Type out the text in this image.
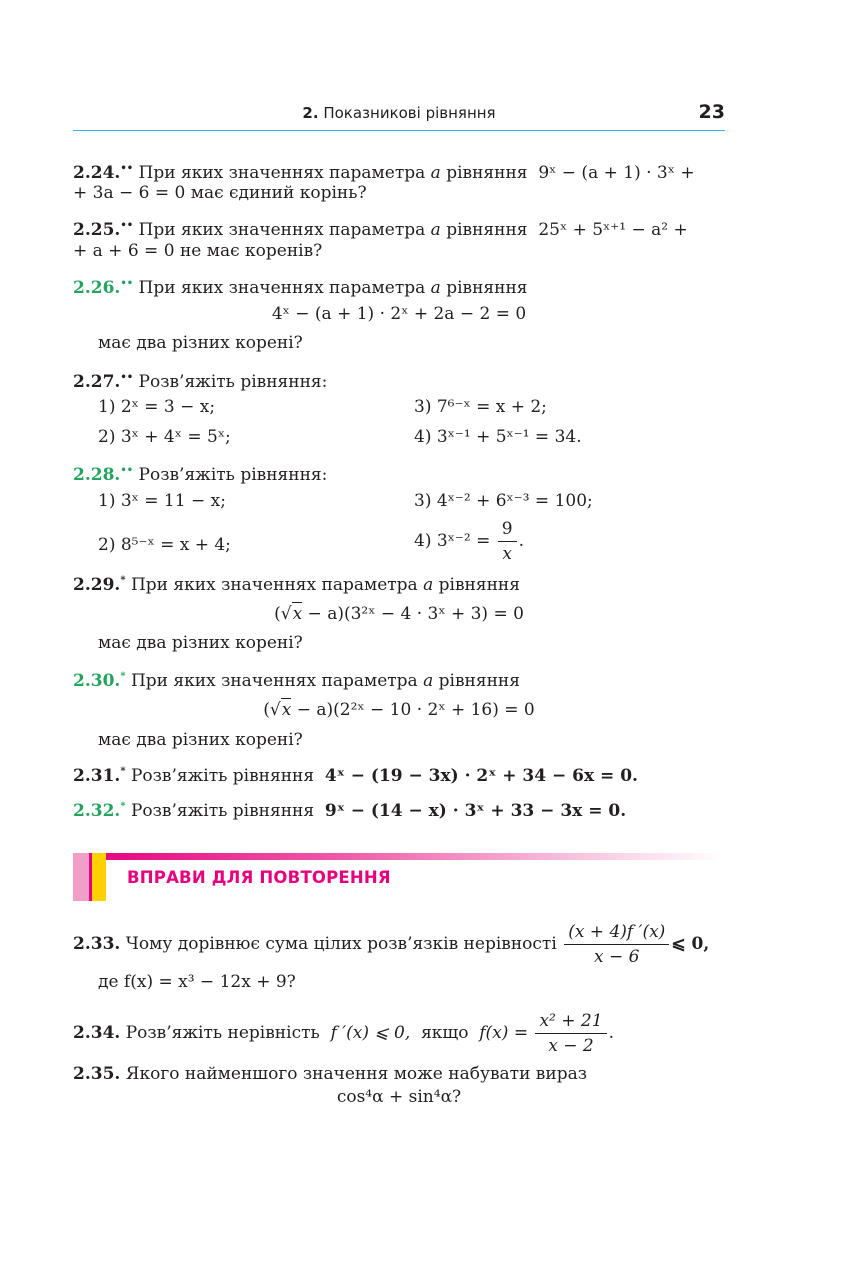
2. Показникові рівняння	23
2.24.•• При яких значеннях параметра a рівняння 9ˣ − (a + 1) · 3ˣ +
+ 3a − 6 = 0 має єдиний корінь?
2.25.•• При яких значеннях параметра a рівняння 25ˣ + 5ˣ⁺¹ − a² +
+ a + 6 = 0 не має коренів?
2.26.•• При яких значеннях параметра a рівняння
4ˣ − (a + 1) · 2ˣ + 2a − 2 = 0
має два різних корені?
2.27.•• Розв’яжіть рівняння:
1) 2ˣ = 3 − x;	3) 7⁶⁻ˣ = x + 2;
2) 3ˣ + 4ˣ = 5ˣ;	4) 3ˣ⁻¹ + 5ˣ⁻¹ = 34.
2.28.•• Розв’яжіть рівняння:
1) 3ˣ = 11 − x;	3) 4ˣ⁻² + 6ˣ⁻³ = 100;
2) 8⁵⁻ˣ = x + 4;	4) 3ˣ⁻² = $\frac{9}{x}$ .
2.29.* При яких значеннях параметра a рівняння
(√x − a)(3²ˣ − 4 · 3ˣ + 3) = 0
має два різних корені?
2.30.* При яких значеннях параметра a рівняння
(√x − a)(2²ˣ − 10 · 2ˣ + 16) = 0
має два різних корені?
2.31.* Розв’яжіть рівняння 4ˣ − (19 − 3x) · 2ˣ + 34 − 6x = 0.
2.32.* Розв’яжіть рівняння 9ˣ − (14 − x) · 3ˣ + 33 − 3x = 0.
ВПРАВИ ДЛЯ ПОВТОРЕННЯ
2.33. Чому дорівнює сума цілих розв’язків нерівності $\frac{(x + 4)f '(x)}{x - 6}$ ⩽ 0,
де f(x) = x³ − 12x + 9?
2.34. Розв’яжіть нерівність f ′(x) ⩽ 0, якщо $f(x) = \frac{\text{x² + 21}}{x - 2}$ .
2.35. Якого найменшого значення може набувати вираз
cos⁴α + sin⁴α?
